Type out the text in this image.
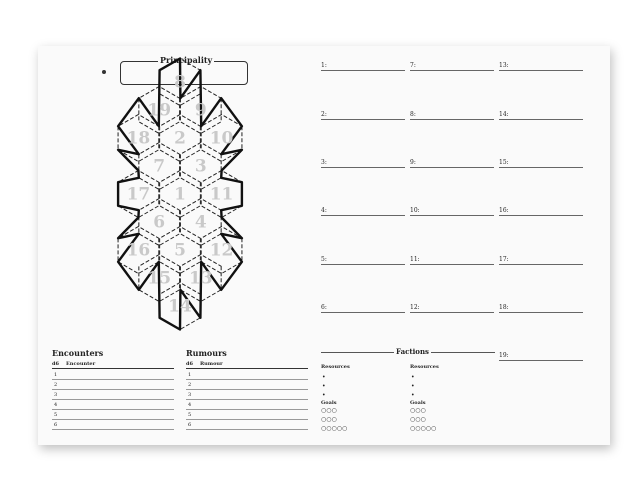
Principality
8
19 9
18 2 10
7 3
17 1 11
6 4
16 5 12
15 13
14
1:
2:
3:
4:
5:
6:
7:
8:
9:
10:
11:
12:
13:
14:
15:
16:
17:
18:
19:
Encounters
d6 Encounter
1
2
3
4
5
6
Rumours
d6 Rumour
1
2
3
4
5
6
Factions
Resources
•
•
•
Goals
○○○
○○○
○○○○○
Resources
•
•
•
Goals
○○○
○○○
○○○○○
